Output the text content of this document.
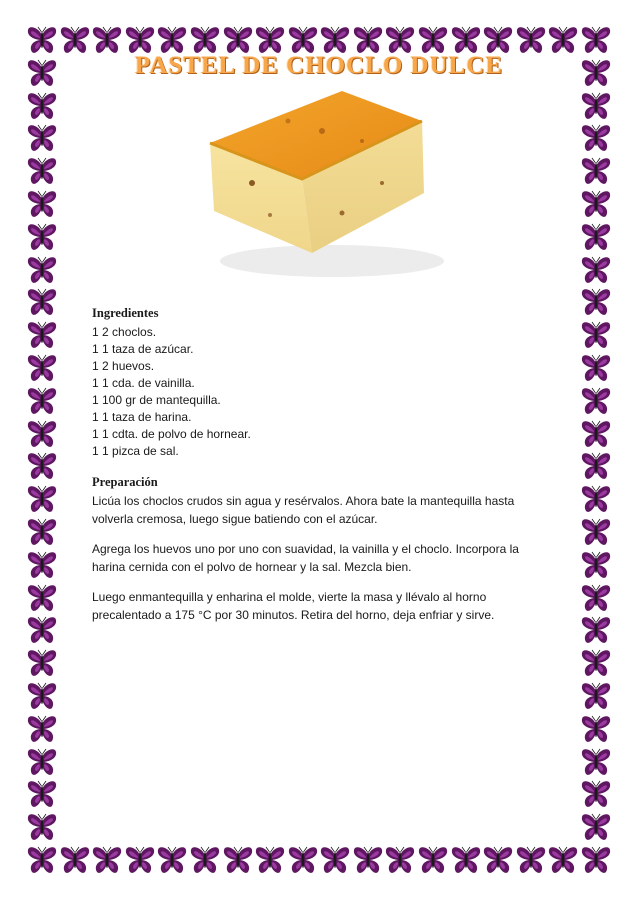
PASTEL DE CHOCLO DULCE

Ingredientes

1 2 choclos.

1 1 taza de azúcar.

1 2 huevos.

1 1 cda. de vainilla.

1 100 gr de mantequilla.

1 1 taza de harina.

1 1 cdta. de polvo de hornear.

1 1 pizca de sal.

Preparación

Licúa los choclos crudos sin agua y resérvalos. Ahora bate la mantequilla hasta volverla cremosa, luego sigue batiendo con el azúcar.

Agrega los huevos uno por uno con suavidad, la vainilla y el choclo. Incorpora la harina cernida con el polvo de hornear y la sal. Mezcla bien.

Luego enmantequilla y enharina el molde, vierte la masa y llévalo al horno precalentado a 175 °C por 30 minutos. Retira del horno, deja enfriar y sirve.
